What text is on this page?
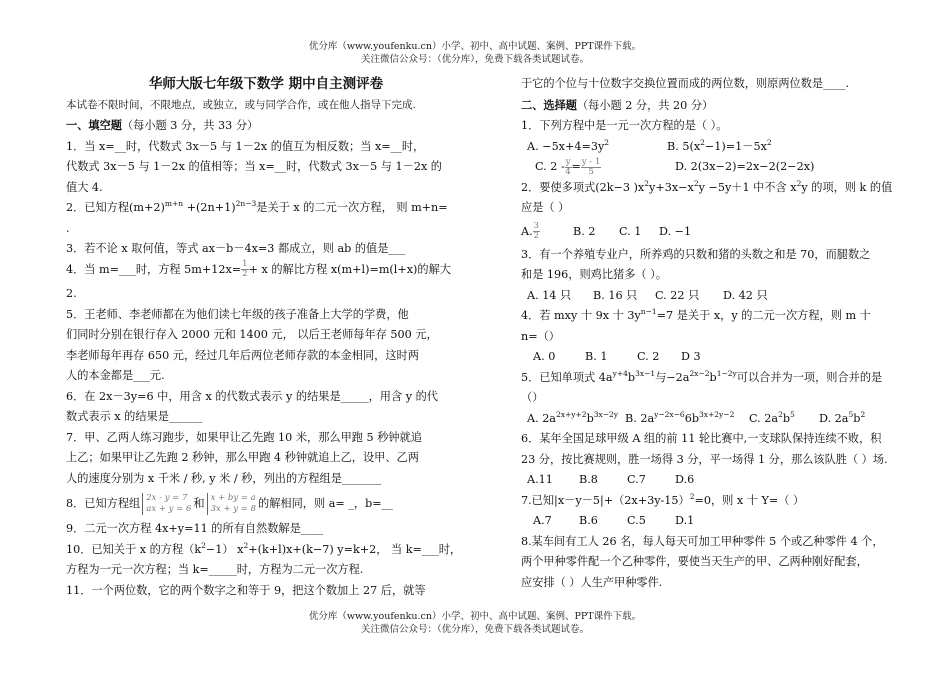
优分库（www.youfenku.cn）小学、初中、高中试题、案例、PPT课件下载。
关注微信公众号：（优分库），免费下载各类试题试卷。

华师大版七年级下数学 期中自主测评卷

本试卷不限时间，不限地点，或独立，或与同学合作，或在他人指导下完成.

一、填空题（每小题 3 分，共 33 分）

1．当 x=__时，代数式 3x－5 与 1－2x 的值互为相反数；当 x=__时，

代数式 3x－5 与 1－2x 的值相等；当 x=__时，代数式 3x－5 与 1－2x 的

值大 4.

2．已知方程$(m+2)^{m+n} +(2n+1)^{2n-3}$是关于 x 的二元一次方程， 则 m+n=

.

3．若不论 x 取何值，等式 ax－b－4x=3 都成立，则 ab 的值是___

4．当 m=___时，方程 $5m+12x= \frac{1}{2} + x$ 的解比方程 x(m+l)=m(l+x)的解大

2.

5．王老师、李老师都在为他们读七年级的孩子准备上大学的学费，他

们同时分别在银行存入 2000 元和 1400 元， 以后王老师每年存 500 元，

李老师每年再存 650 元，经过几年后两位老师存款的本金相同，这时两

人的本金都是___元.

6．在 2x－3y=6 中，用含 x 的代数式表示 y 的结果是_____，用含 y 的代

数式表示 x 的结果是______

7．甲、乙两人练习跑步，如果甲让乙先跑 10 米，那么甲跑 5 秒钟就追

上乙；如果甲让乙先跑 2 秒钟，那么甲跑 4 秒钟就追上乙，设甲、乙两

人的速度分别为 x 千米 / 秒, y 米 / 秒，列出的方程组是_______

8．已知方程组 2x - y = 7
ax + y = 6 和 x + by = a
3x + y = 8 的解相同，则 a= _，b=__

9．二元一次方程 4x+y=11 的所有自然数解是____

10．已知关于 x 的方程$(k^2-1)$ $x^2+(k+l)x+(k-7)$ y=k+2， 当 k=___时，

方程为一元一次方程；当 k=_____时，方程为二元一次方程.

11．一个两位数，它的两个数字之和等于 9，把这个数加上 27 后，就等

于它的个位与十位数字交换位置而成的两位数，则原两位数是____.

二、选择题（每小题 2 分，共 20 分）

1．下列方程中是一元一次方程的是（ ）。

A. $-5x+4=3y^2$	B. $5(x^2-1)=1-5x^2$

C. $2 - \frac{y}{4} = \frac{y - 1}{5}$	D. 2(3x−2)=2x−2(2−2x)

2．要使多项式(2k−3 )$x^2y+3x-x^2y -5y+1$ 中不含 $x^2y$ 的项，则 k 的值

应是（ ）

A. $\frac{3}{2}$	B. 2 C. 1 D. −1

3．有一个养殖专业户，所养鸡的只数和猪的头数之和是 70，而腿数之

和是 196，则鸡比猪多（ ）。

A. 14 只 B. 16 只 C. 22 只 D. 42 只

4．若 mxy 十 9x 十 $3y^{n-1}=7$ 是关于 x，y 的二元一次方程，则 m 十

n=（）

A. 0	B. 1	C. 2 D 3

5．已知单项式 $4a^{y+4}b^{3x-1}$与$-2a^{2x-2}b^{1-2y}$可以合并为一项，则合并的是

（）

A. $2a^{2x+y+2}b^{3x-2y}$ B. $2a^{y-2x-6}6b^{3x+2y-2}$ C. $2a^2b^5$ D. $2a^5b^2$

6．某年全国足球甲级 A 组的前 11 轮比赛中,一支球队保持连续不败，积

23 分，按比赛规则，胜一场得 3 分，平一场得 1 分，那么该队胜（ ）场.

A.11 B.8	C.7	D.6

7.已知$|x-y-5|+(2x+3y-15)^2=0$，则 x 十 Y=（ ）

A.7 B.6	C.5	D.1

8.某车间有工人 26 名，每人每天可加工甲种零件 5 个或乙种零件 4 个，

两个甲种零件配一个乙种零件，要使当天生产的甲、乙两种刚好配套，

应安排（ ）人生产甲种零件.

优分库（www.youfenku.cn）小学、初中、高中试题、案例、PPT课件下载。
关注微信公众号：（优分库），免费下载各类试题试卷。
